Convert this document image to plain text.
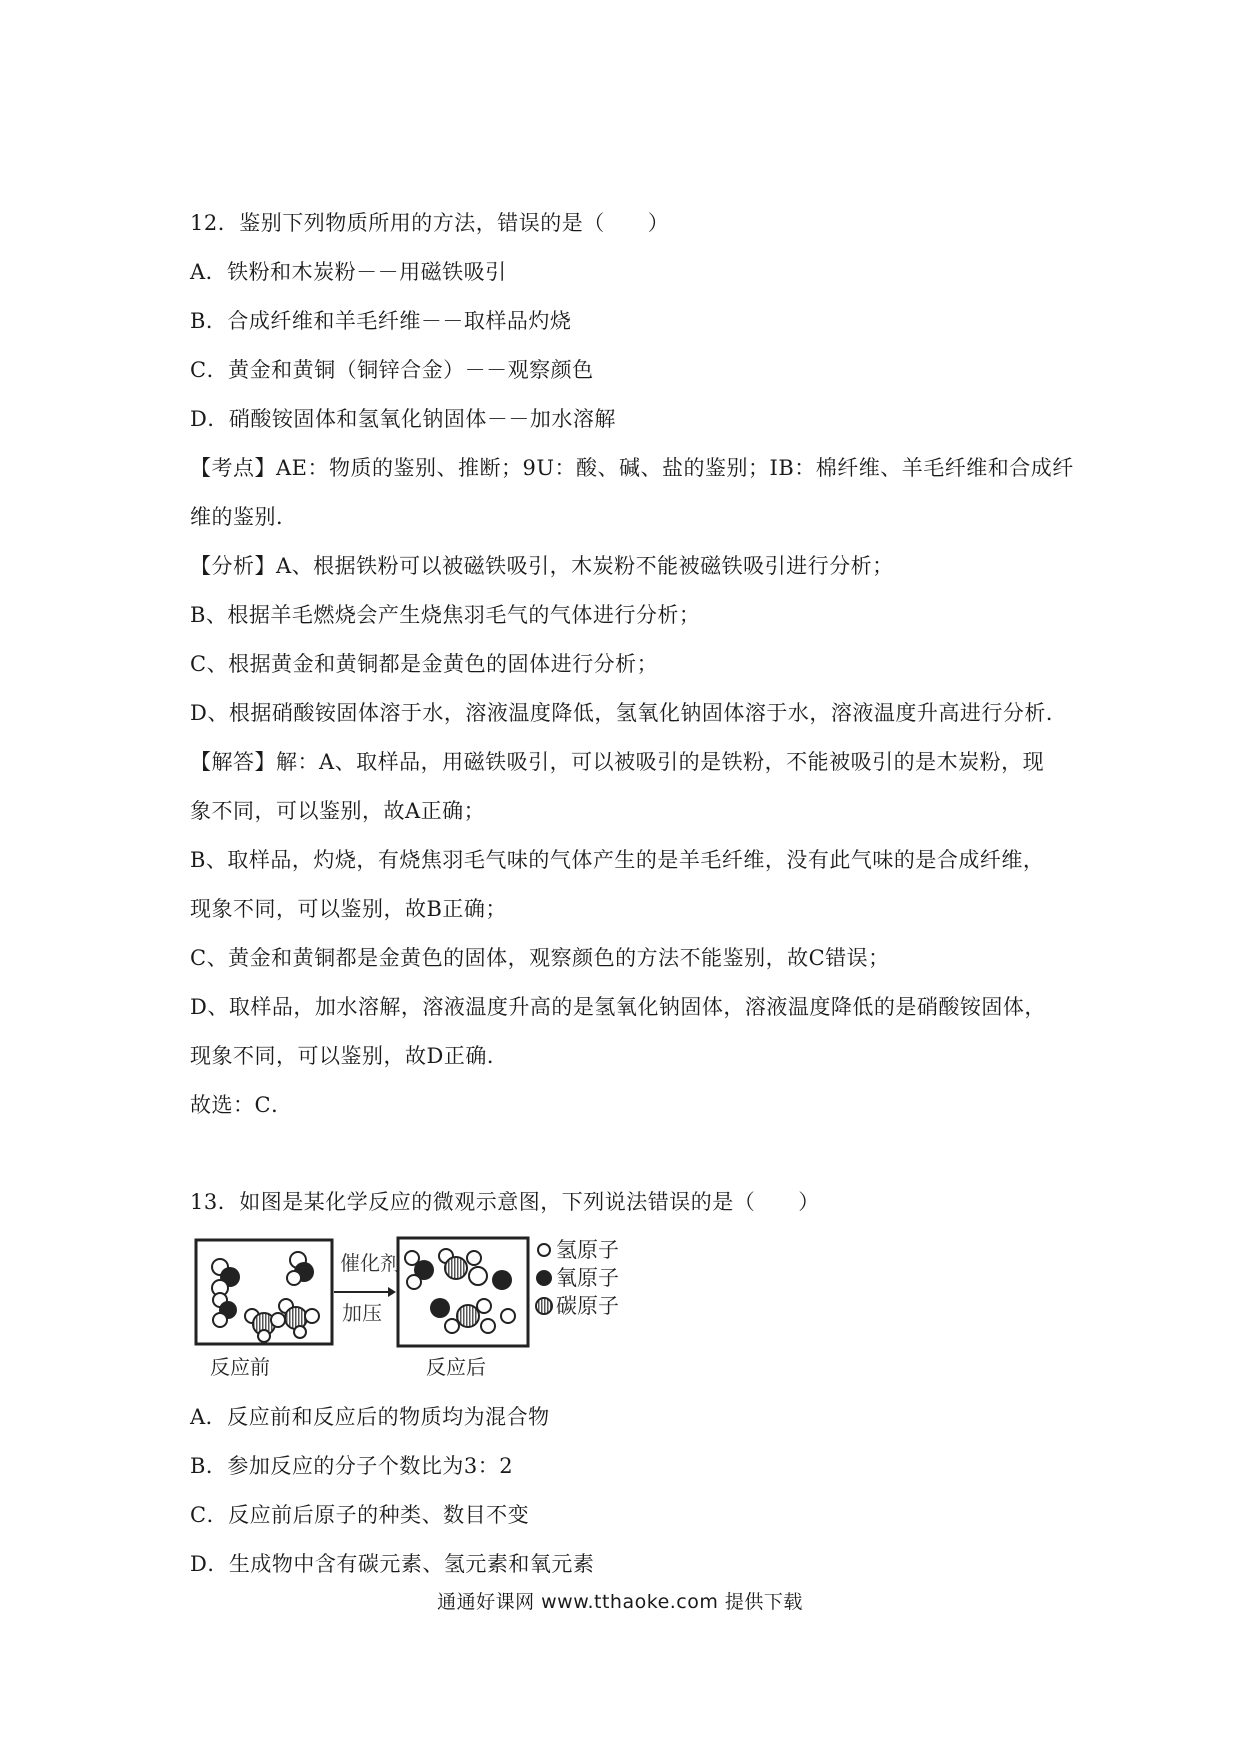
12．鉴别下列物质所用的方法，错误的是（　　）
A．铁粉和木炭粉－－用磁铁吸引
B．合成纤维和羊毛纤维－－取样品灼烧
C．黄金和黄铜（铜锌合金）－－观察颜色
D．硝酸铵固体和氢氧化钠固体－－加水溶解
【考点】AE：物质的鉴别、推断；9U：酸、碱、盐的鉴别；IB：棉纤维、羊毛纤维和合成纤
维的鉴别．
【分析】A、根据铁粉可以被磁铁吸引，木炭粉不能被磁铁吸引进行分析；
B、根据羊毛燃烧会产生烧焦羽毛气的气体进行分析；
C、根据黄金和黄铜都是金黄色的固体进行分析；
D、根据硝酸铵固体溶于水，溶液温度降低，氢氧化钠固体溶于水，溶液温度升高进行分析．
【解答】解：A、取样品，用磁铁吸引，可以被吸引的是铁粉，不能被吸引的是木炭粉，现
象不同，可以鉴别，故A正确；
B、取样品，灼烧，有烧焦羽毛气味的气体产生的是羊毛纤维，没有此气味的是合成纤维，
现象不同，可以鉴别，故B正确；
C、黄金和黄铜都是金黄色的固体，观察颜色的方法不能鉴别，故C错误；
D、取样品，加水溶解，溶液温度升高的是氢氧化钠固体，溶液温度降低的是硝酸铵固体，
现象不同，可以鉴别，故D正确．
故选：C．
13．如图是某化学反应的微观示意图，下列说法错误的是（　　）
催化剂
加压
反应前	反应后
氢原子
氧原子
碳原子
A．反应前和反应后的物质均为混合物
B．参加反应的分子个数比为3：2
C．反应前后原子的种类、数目不变
D．生成物中含有碳元素、氢元素和氧元素
通通好课网 www.tthaoke.com 提供下载
